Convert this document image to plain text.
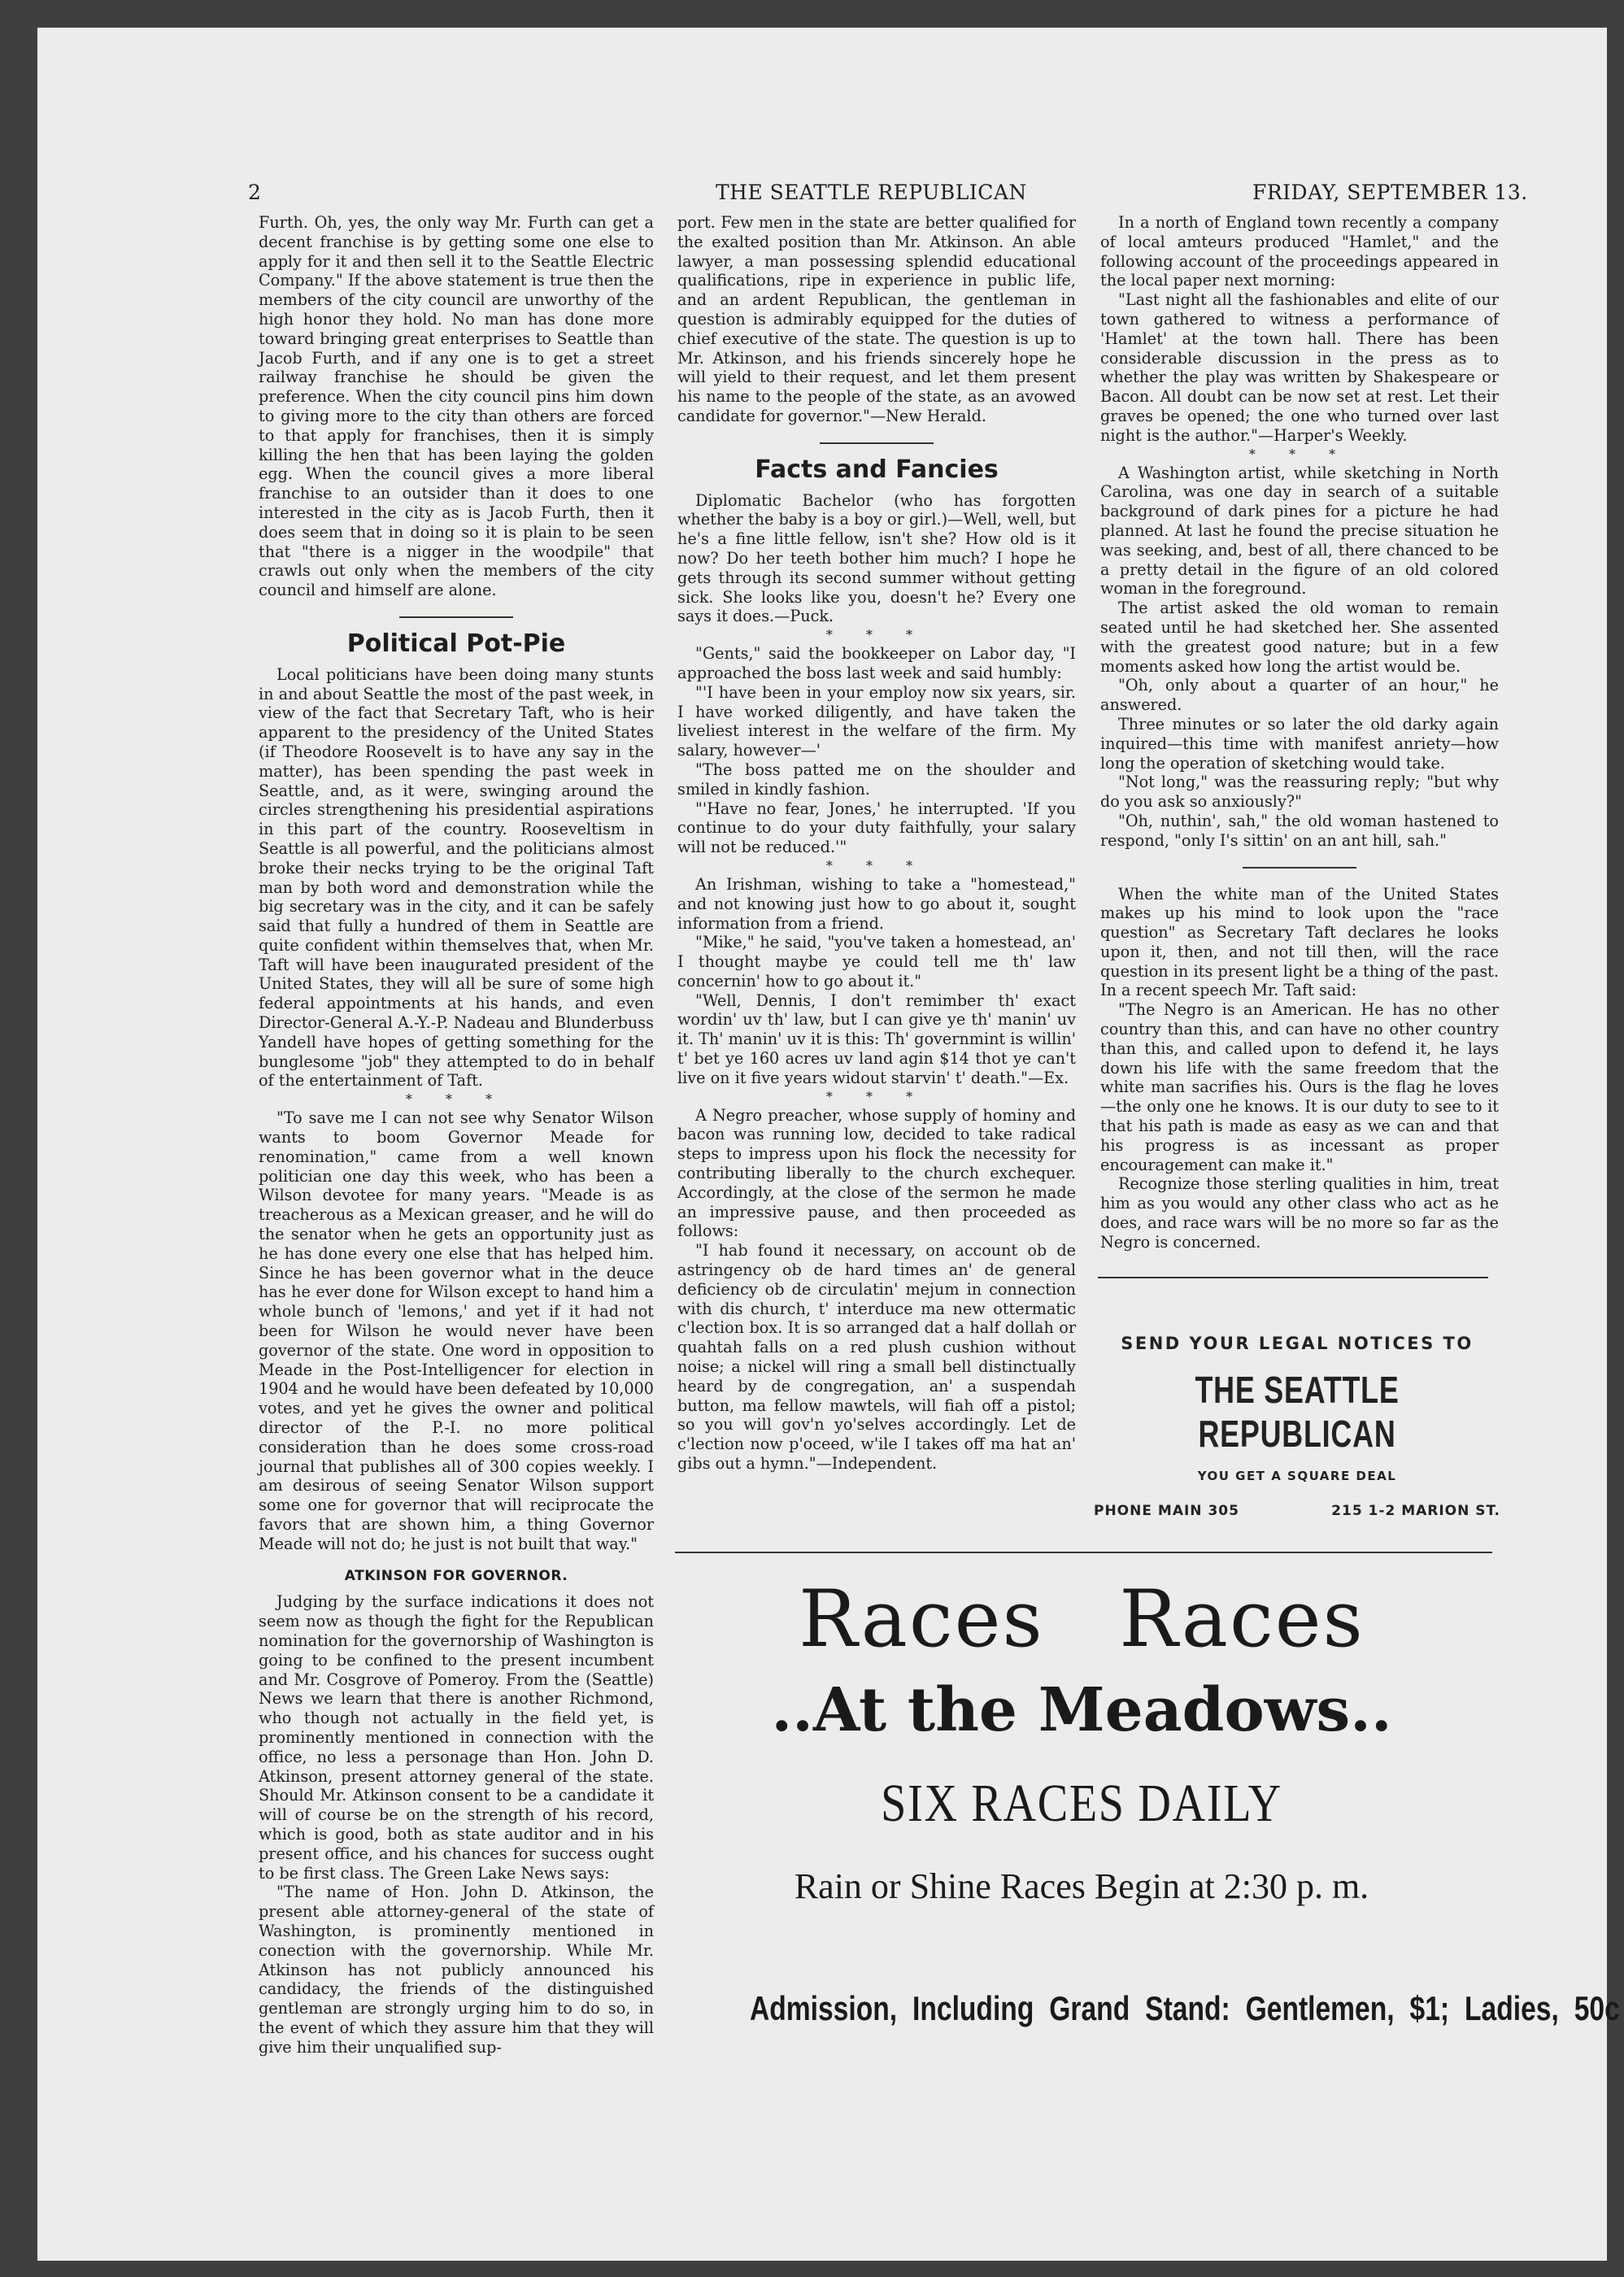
2	THE SEATTLE REPUBLICAN	FRIDAY, SEPTEMBER 13.

Furth. Oh, yes, the only way Mr. Furth can get a decent franchise is by getting some one else to apply for it and then sell it to the Seattle Electric Company." If the above statement is true then the members of the city council are unworthy of the high honor they hold. No man has done more toward bringing great enterprises to Seattle than Jacob Furth, and if any one is to get a street railway franchise he should be given the preference. When the city council pins him down to giving more to the city than others are forced to that apply for franchises, then it is simply killing the hen that has been laying the golden egg. When the council gives a more liberal franchise to an outsider than it does to one interested in the city as is Jacob Furth, then it does seem that in doing so it is plain to be seen that "there is a nigger in the woodpile" that crawls out only when the members of the city council and himself are alone.

Political Pot-Pie

Local politicians have been doing many stunts in and about Seattle the most of the past week, in view of the fact that Secretary Taft, who is heir apparent to the presidency of the United States (if Theodore Roosevelt is to have any say in the matter), has been spending the past week in Seattle, and, as it were, swinging around the circles strengthening his presidential aspirations in this part of the country. Rooseveltism in Seattle is all powerful, and the politicians almost broke their necks trying to be the original Taft man by both word and demonstration while the big secretary was in the city, and it can be safely said that fully a hundred of them in Seattle are quite confident within themselves that, when Mr. Taft will have been inaugurated president of the United States, they will all be sure of some high federal appointments at his hands, and even Director-General A.-Y.-P. Nadeau and Blunderbuss Yandell have hopes of getting something for the bunglesome "job" they attempted to do in behalf of the entertainment of Taft.

* * *

"To save me I can not see why Senator Wilson wants to boom Governor Meade for renomination," came from a well known politician one day this week, who has been a Wilson devotee for many years. "Meade is as treacherous as a Mexican greaser, and he will do the senator when he gets an opportunity just as he has done every one else that has helped him. Since he has been governor what in the deuce has he ever done for Wilson except to hand him a whole bunch of 'lemons,' and yet if it had not been for Wilson he would never have been governor of the state. One word in opposition to Meade in the Post-Intelligencer for election in 1904 and he would have been defeated by 10,000 votes, and yet he gives the owner and political director of the P.-I. no more political consideration than he does some cross-road journal that publishes all of 300 copies weekly. I am desirous of seeing Senator Wilson support some one for governor that will reciprocate the favors that are shown him, a thing Governor Meade will not do; he just is not built that way."

ATKINSON FOR GOVERNOR.

Judging by the surface indications it does not seem now as though the fight for the Republican nomination for the governorship of Washington is going to be confined to the present incumbent and Mr. Cosgrove of Pomeroy. From the (Seattle) News we learn that there is another Richmond, who though not actually in the field yet, is prominently mentioned in connection with the office, no less a personage than Hon. John D. Atkinson, present attorney general of the state. Should Mr. Atkinson consent to be a candidate it will of course be on the strength of his record, which is good, both as state auditor and in his present office, and his chances for success ought to be first class. The Green Lake News says:

"The name of Hon. John D. Atkinson, the present able attorney-general of the state of Washington, is prominently mentioned in conection with the governorship. While Mr. Atkinson has not publicly announced his candidacy, the friends of the distinguished gentleman are strongly urging him to do so, in the event of which they assure him that they will give him their unqualified sup-

port. Few men in the state are better qualified for the exalted position than Mr. Atkinson. An able lawyer, a man possessing splendid educational qualifications, ripe in experience in public life, and an ardent Republican, the gentleman in question is admirably equipped for the duties of chief executive of the state. The question is up to Mr. Atkinson, and his friends sincerely hope he will yield to their request, and let them present his name to the people of the state, as an avowed candidate for governor."—New Herald.

Facts and Fancies

Diplomatic Bachelor (who has forgotten whether the baby is a boy or girl.)—Well, well, but he's a fine little fellow, isn't she? How old is it now? Do her teeth bother him much? I hope he gets through its second summer without getting sick. She looks like you, doesn't he? Every one says it does.—Puck.

* * *

"Gents," said the bookkeeper on Labor day, "I approached the boss last week and said humbly:

"'I have been in your employ now six years, sir. I have worked diligently, and have taken the liveliest interest in the welfare of the firm. My salary, however—'

"The boss patted me on the shoulder and smiled in kindly fashion.

"'Have no fear, Jones,' he interrupted. 'If you continue to do your duty faithfully, your salary will not be reduced.'"

* * *

An Irishman, wishing to take a "homestead," and not knowing just how to go about it, sought information from a friend.

"Mike," he said, "you've taken a homestead, an' I thought maybe ye could tell me th' law concernin' how to go about it."

"Well, Dennis, I don't remimber th' exact wordin' uv th' law, but I can give ye th' manin' uv it. Th' manin' uv it is this: Th' governmint is willin' t' bet ye 160 acres uv land agin $14 thot ye can't live on it five years widout starvin' t' death."—Ex.

* * *

A Negro preacher, whose supply of hominy and bacon was running low, decided to take radical steps to impress upon his flock the necessity for contributing liberally to the church exchequer. Accordingly, at the close of the sermon he made an impressive pause, and then proceeded as follows:

"I hab found it necessary, on account ob de astringency ob de hard times an' de general deficiency ob de circulatin' mejum in connection with dis church, t' interduce ma new ottermatic c'lection box. It is so arranged dat a half dollah or quahtah falls on a red plush cushion without noise; a nickel will ring a small bell distinctually heard by de congregation, an' a suspendah button, ma fellow mawtels, will fiah off a pistol; so you will gov'n yo'selves accordingly. Let de c'lection now p'oceed, w'ile I takes off ma hat an' gibs out a hymn."—Independent.

In a north of England town recently a company of local amteurs produced "Hamlet," and the following account of the proceedings appeared in the local paper next morning:

"Last night all the fashionables and elite of our town gathered to witness a performance of 'Hamlet' at the town hall. There has been considerable discussion in the press as to whether the play was written by Shakespeare or Bacon. All doubt can be now set at rest. Let their graves be opened; the one who turned over last night is the author."—Harper's Weekly.

* * *

A Washington artist, while sketching in North Carolina, was one day in search of a suitable background of dark pines for a picture he had planned. At last he found the precise situation he was seeking, and, best of all, there chanced to be a pretty detail in the figure of an old colored woman in the foreground.

The artist asked the old woman to remain seated until he had sketched her. She assented with the greatest good nature; but in a few moments asked how long the artist would be.

"Oh, only about a quarter of an hour," he answered.

Three minutes or so later the old darky again inquired—this time with manifest anriety—how long the operation of sketching would take.

"Not long," was the reassuring reply; "but why do you ask so anxiously?"

"Oh, nuthin', sah," the old woman hastened to respond, "only I's sittin' on an ant hill, sah."

When the white man of the United States makes up his mind to look upon the "race question" as Secretary Taft declares he looks upon it, then, and not till then, will the race question in its present light be a thing of the past. In a recent speech Mr. Taft said:

"The Negro is an American. He has no other country than this, and can have no other country than this, and called upon to defend it, he lays down his life with the same freedom that the white man sacrifies his. Ours is the flag he loves—the only one he knows. It is our duty to see to it that his path is made as easy as we can and that his progress is as incessant as proper encouragement can make it."

Recognize those sterling qualities in him, treat him as you would any other class who act as he does, and race wars will be no more so far as the Negro is concerned.

SEND YOUR LEGAL NOTICES TO
THE SEATTLE REPUBLICAN
YOU GET A SQUARE DEAL
PHONE MAIN 305	215 1-2 MARION ST.
Races Races
..At the Meadows..
SIX RACES DAILY
Rain or Shine Races Begin at 2:30 p. m.
Admission, Including Grand Stand: Gentlemen, $1; Ladies, 50c
